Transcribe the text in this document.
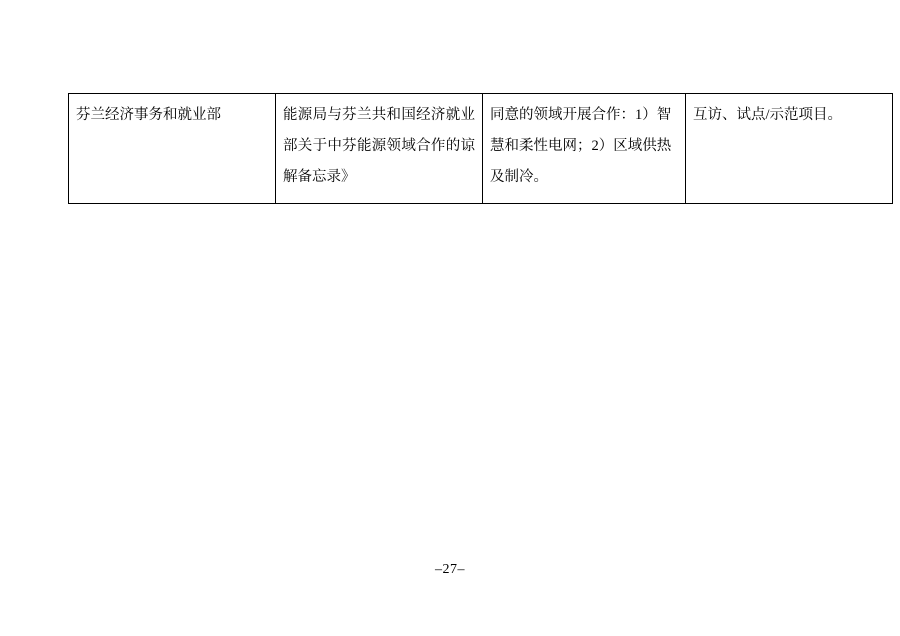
芬兰经济事务和就业部	能源局与芬兰共和国经济就业部关于中芬能源领域合作的谅解备忘录》	同意的领域开展合作：1）智慧和柔性电网；2）区域供热及制冷。	互访、试点/示范项目。
–27–
